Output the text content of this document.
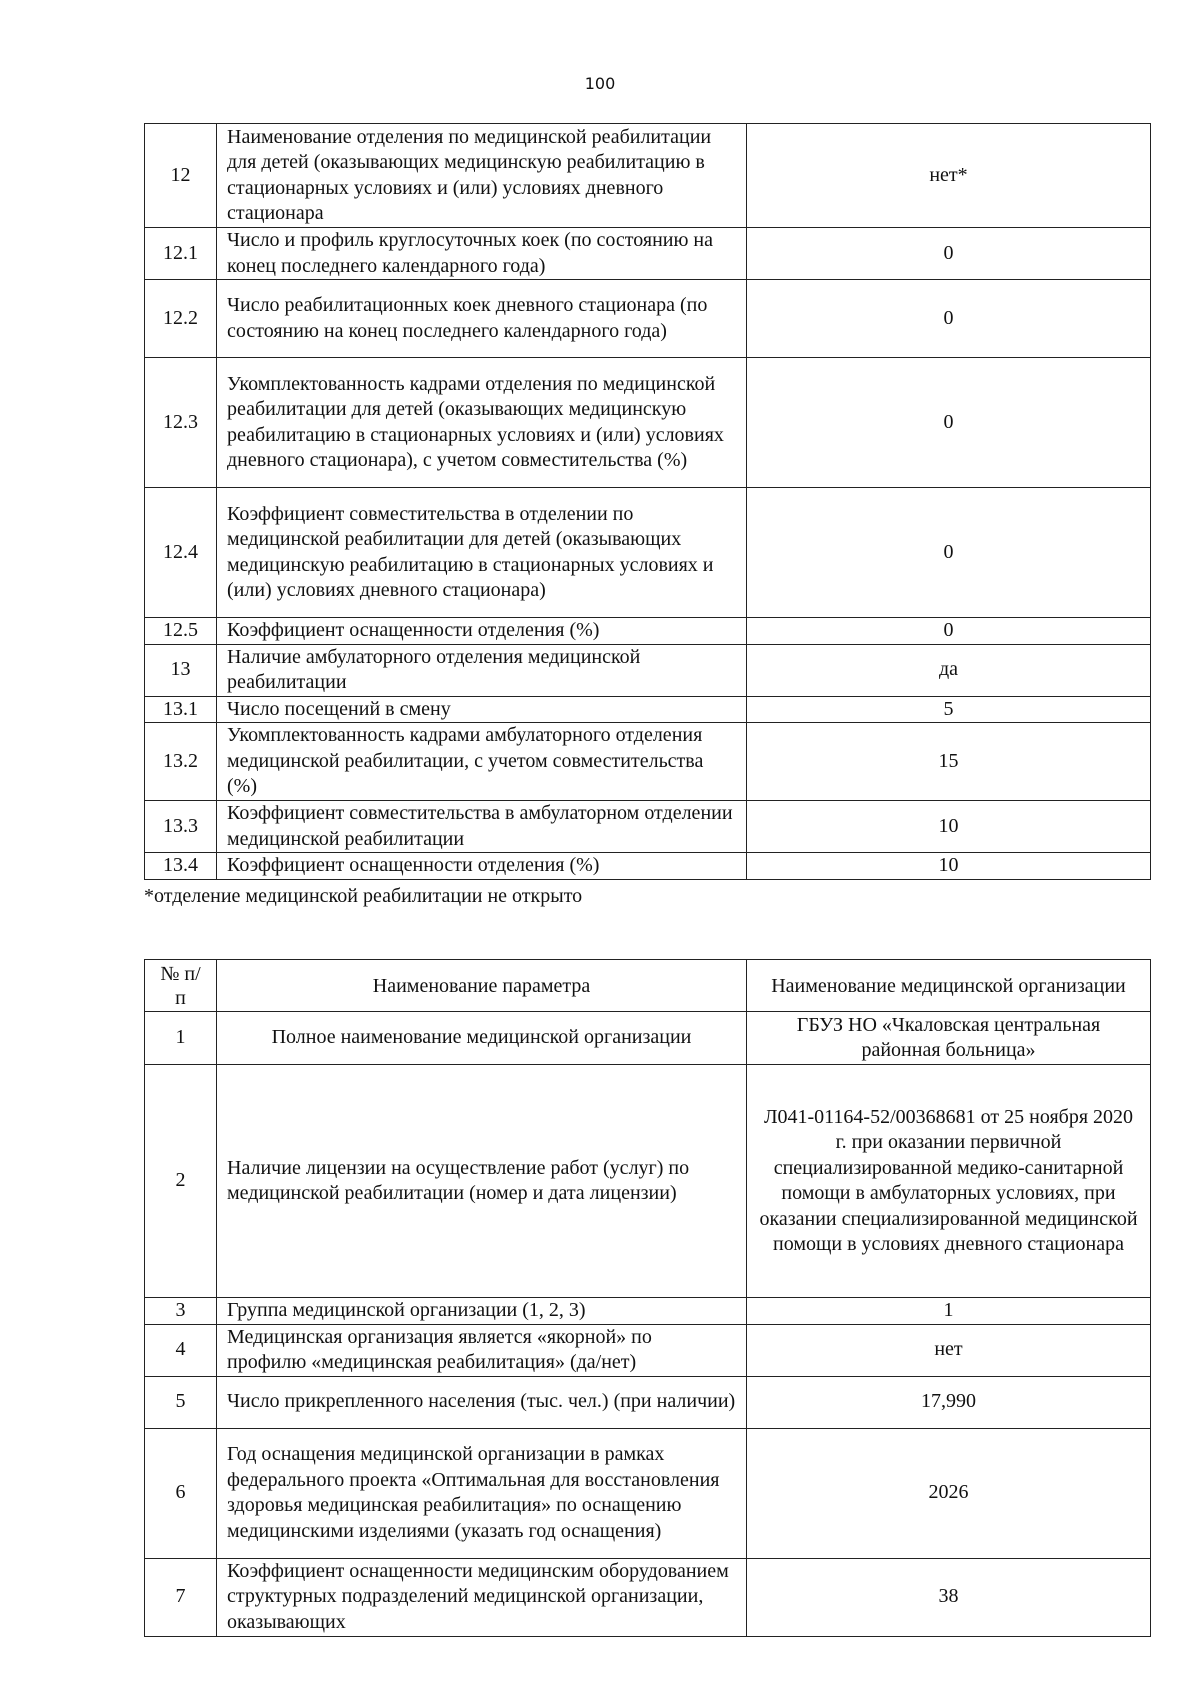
100
12	Наименование отделения по медицинской реабилитации для детей (оказывающих медицинскую реабилитацию в стационарных условиях и (или) условиях дневного стационара	нет*
12.1	Число и профиль круглосуточных коек (по состоянию на конец последнего календарного года)	0
12.2	Число реабилитационных коек дневного стационара (по состоянию на конец последнего календарного года)	0
12.3	Укомплектованность кадрами отделения по медицинской реабилитации для детей (оказывающих медицинскую реабилитацию в стационарных условиях и (или) условиях дневного стационара), с учетом совместительства (%)	0
12.4	Коэффициент совместительства в отделении по медицинской реабилитации для детей (оказывающих медицинскую реабилитацию в стационарных условиях и (или) условиях дневного стационара)	0
12.5	Коэффициент оснащенности отделения (%)	0
13	Наличие амбулаторного отделения медицинской реабилитации	да
13.1	Число посещений в смену	5
13.2	Укомплектованность кадрами амбулаторного отделения медицинской реабилитации, с учетом совместительства (%)	15
13.3	Коэффициент совместительства в амбулаторном отделении медицинской реабилитации	10
13.4	Коэффициент оснащенности отделения (%)	10
*отделение медицинской реабилитации не открыто
№ п/п	Наименование параметра	Наименование медицинской организации
1	Полное наименование медицинской организации	ГБУЗ НО «Чкаловская центральная районная больница»
2	Наличие лицензии на осуществление работ (услуг) по медицинской реабилитации (номер и дата лицензии)	Л041-01164-52/00368681 от 25 ноября 2020 г. при оказании первичной специализированной медико-санитарной помощи в амбулаторных условиях, при оказании специализированной медицинской помощи в условиях дневного стационара
3	Группа медицинской организации (1, 2, 3)	1
4	Медицинская организация является «якорной» по профилю «медицинская реабилитация» (да/нет)	нет
5	Число прикрепленного населения (тыс. чел.) (при наличии)	17,990
6	Год оснащения медицинской организации в рамках федерального проекта «Оптимальная для восстановления здоровья медицинская реабилитация» по оснащению медицинскими изделиями (указать год оснащения)	2026
7	Коэффициент оснащенности медицинским оборудованием структурных подразделений медицинской организации, оказывающих	38
